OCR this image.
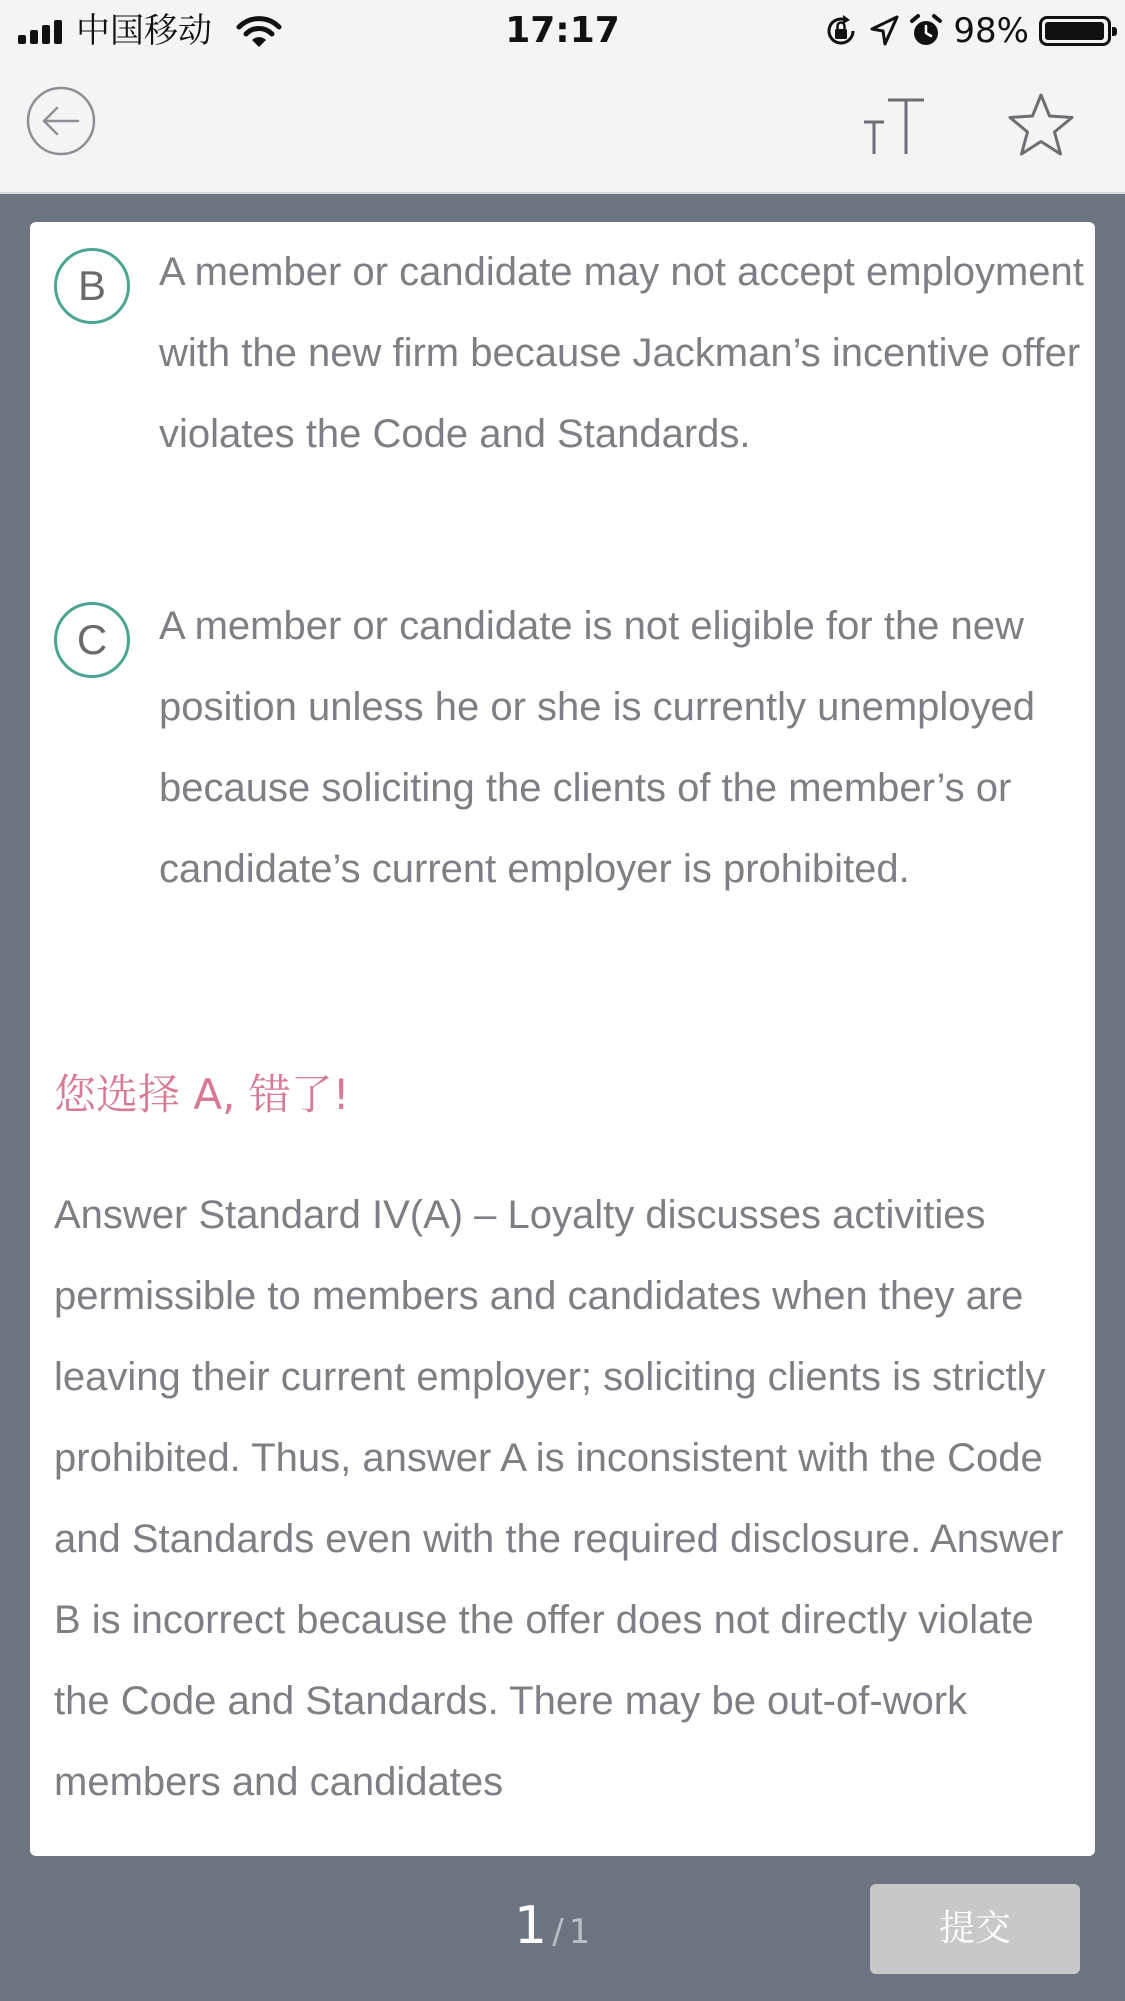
中国移动	17:17	98%
B	A member or candidate may not accept employment with the new firm because Jackman’s incentive offer violates the Code and Standards.
C	A member or candidate is not eligible for the new position unless he or she is currently unemployed because soliciting the clients of the member’s or candidate’s current employer is prohibited.
您选择 A, 错了!
Answer Standard IV(A) – Loyalty discusses activities permissible to members and candidates when they are leaving their current employer; soliciting clients is strictly prohibited. Thus, answer A is inconsistent with the Code and Standards even with the required disclosure. Answer B is incorrect because the offer does not directly violate the Code and Standards. There may be out-of-work members and candidates
1 / 1	提交
